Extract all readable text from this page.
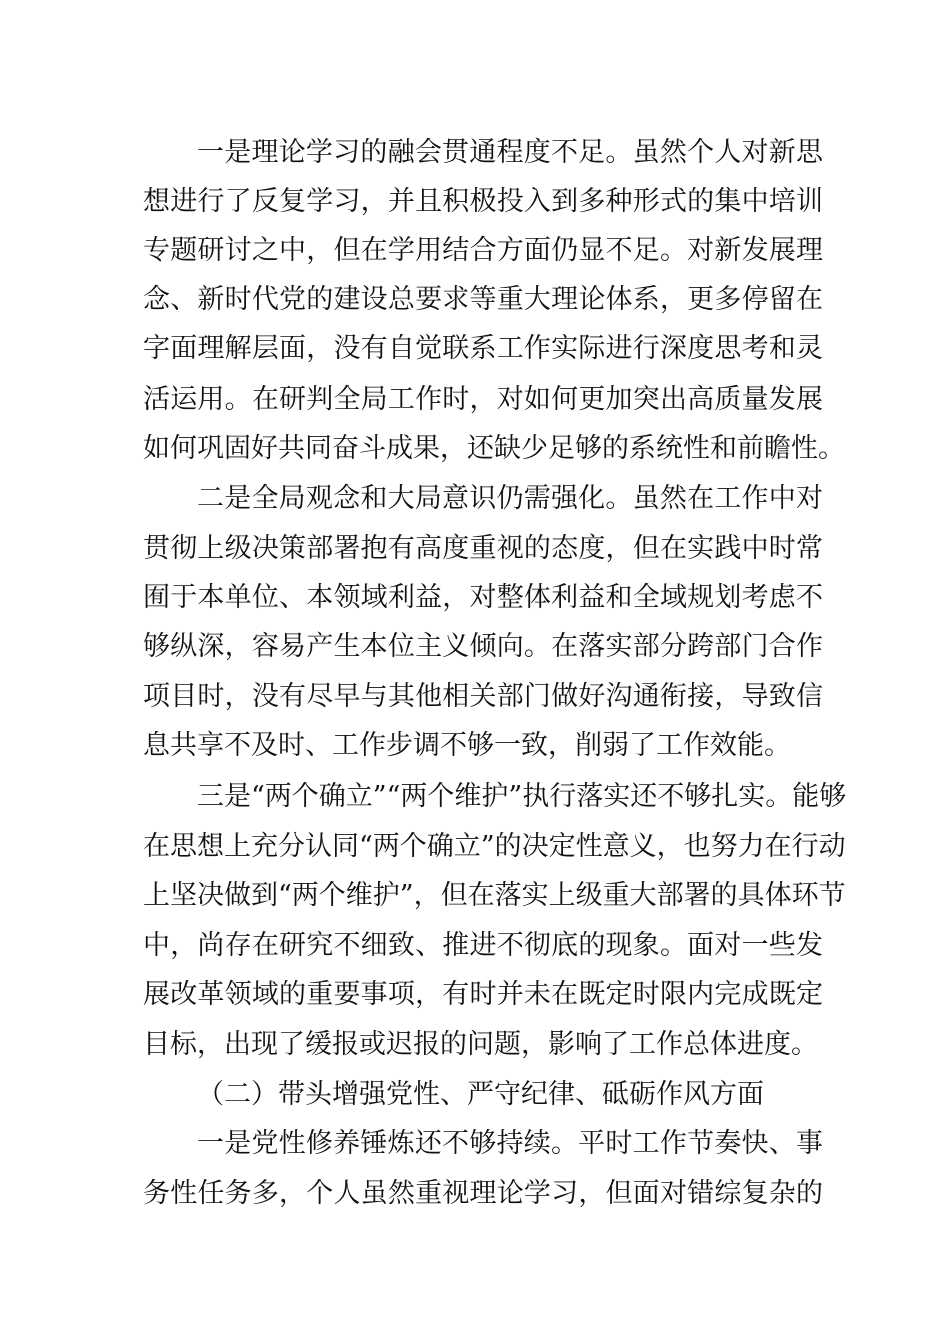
一是理论学习的融会贯通程度不足。虽然个人对新思
想进行了反复学习，并且积极投入到多种形式的集中培训
专题研讨之中，但在学用结合方面仍显不足。对新发展理
念、新时代党的建设总要求等重大理论体系，更多停留在
字面理解层面，没有自觉联系工作实际进行深度思考和灵
活运用。在研判全局工作时，对如何更加突出高质量发展
如何巩固好共同奋斗成果，还缺少足够的系统性和前瞻性。
二是全局观念和大局意识仍需强化。虽然在工作中对
贯彻上级决策部署抱有高度重视的态度，但在实践中时常
囿于本单位、本领域利益，对整体利益和全域规划考虑不
够纵深，容易产生本位主义倾向。在落实部分跨部门合作
项目时，没有尽早与其他相关部门做好沟通衔接，导致信
息共享不及时、工作步调不够一致，削弱了工作效能。
三是“两个确立”“两个维护”执行落实还不够扎实。能够
在思想上充分认同“两个确立”的决定性意义，也努力在行动
上坚决做到“两个维护”，但在落实上级重大部署的具体环节
中，尚存在研究不细致、推进不彻底的现象。面对一些发
展改革领域的重要事项，有时并未在既定时限内完成既定
目标，出现了缓报或迟报的问题，影响了工作总体进度。
（二）带头增强党性、严守纪律、砥砺作风方面
一是党性修养锤炼还不够持续。平时工作节奏快、事
务性任务多，个人虽然重视理论学习，但面对错综复杂的
